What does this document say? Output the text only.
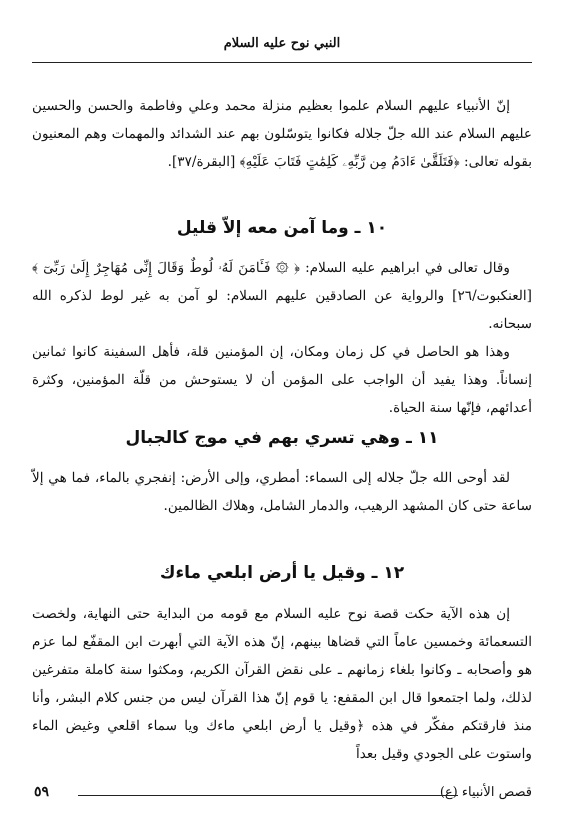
النبي نوح عليه السلام

إنّ الأنبياء عليهم السلام علموا بعظيم منزلة محمد وعلي وفاطمة والحسن والحسين عليهم السلام عند الله جلّ جلاله فكانوا يتوسّلون بهم عند الشدائد والمهمات وهم المعنيون بقوله تعالى: ﴿فَتَلَقَّىٰ ءَادَمُ مِن رَّبِّهِۦ كَلِمَٰتٍ فَتَابَ عَلَيْهِ﴾ [البقرة/٣٧].

١٠ ـ وما آمن معه إلاّ قليل

وقال تعالى في ابراهيم عليه السلام: ﴿ ۞ فَـَٔامَنَ لَهُۥ لُوطٌ وَقَالَ إِنِّى مُهَاجِرٌ إِلَىٰ رَبِّىٓ ﴾ [العنكبوت/٢٦] والرواية عن الصادقين عليهم السلام: لو آمن به غير لوط لذكره الله سبحانه.

وهذا هو الحاصل في كل زمان ومكان، إن المؤمنين قلة، فأهل السفينة كانوا ثمانين إنساناً. وهذا يفيد أن الواجب على المؤمن أن لا يستوحش من قلّة المؤمنين، وكثرة أعدائهم، فإنّها سنة الحياة.

١١ ـ وهي تسري بهم في موج كالجبال

لقد أوحى الله جلّ جلاله إلى السماء: أمطري، وإلى الأرض: إنفجري بالماء، فما هي إلاّ ساعة حتى كان المشهد الرهيب، والدمار الشامل، وهلاك الظالمين.

١٢ ـ وقيل يا أرض ابلعي ماءك

إن هذه الآية حكت قصة نوح عليه السلام مع قومه من البداية حتى النهاية، ولخصت التسعمائة وخمسين عاماً التي قضاها بينهم، إنّ هذه الآية التي أبهرت ابن المقفّع لما عزم هو وأصحابه ـ وكانوا بلغاء زمانهم ـ على نقض القرآن الكريم، ومكثوا سنة كاملة متفرغين لذلك، ولما اجتمعوا قال ابن المقفع: يا قوم إنّ هذا القرآن ليس من جنس كلام البشر، وأنا منذ فارقتكم مفكّر في هذه ﴿وقيل يا أرض ابلعي ماءك ويا سماء اقلعي وغيض الماء واستوت على الجودي وقيل بعداً

قصص الأنبياء (ع)
٥٩
